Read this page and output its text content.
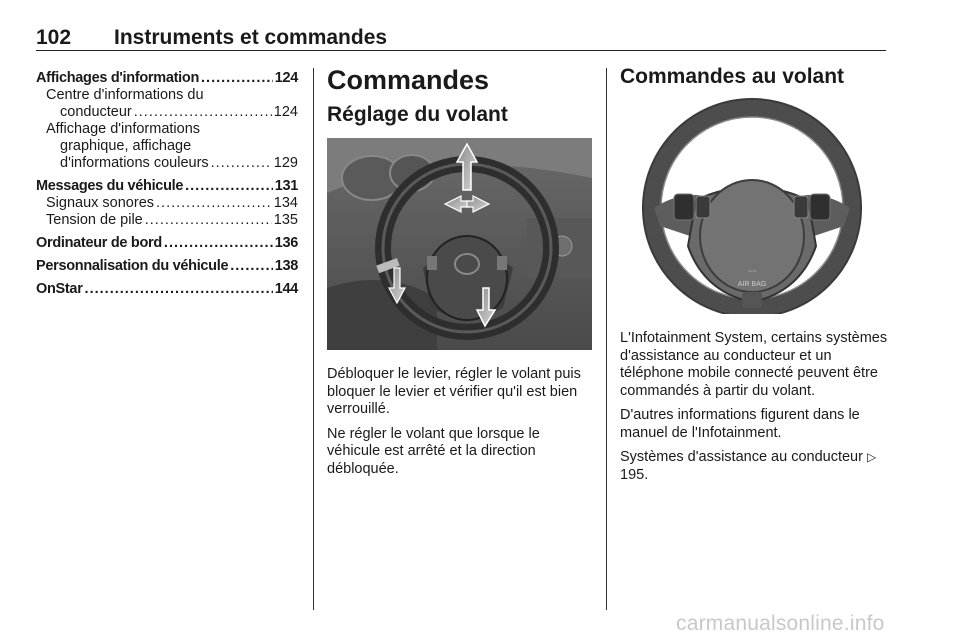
102 Instruments et commandes
Affichages d'information .....	124
Centre d'informations du
conducteur .....	124
Affichage d'informations
graphique, affichage
d'informations couleurs .....	129
Messages du véhicule .....	131
Signaux sonores .....	134
Tension de pile .....	135
Ordinateur de bord .....	136
Personnalisation du véhicule .....	138
OnStar .....	144
Commandes
Réglage du volant

Débloquer le levier, régler le volant puis bloquer le levier et vérifier qu'il est bien verrouillé.

Ne régler le volant que lorsque le véhicule est arrêté et la direction débloquée.

Commandes au volant
~~
AIR BAG

L'Infotainment System, certains systèmes d'assistance au conducteur et un téléphone mobile connecté peuvent être commandés à partir du volant.

D'autres informations figurent dans le manuel de l'Infotainment.

Systèmes d'assistance au conducteur ▷ 195.

carmanualsonline.info
